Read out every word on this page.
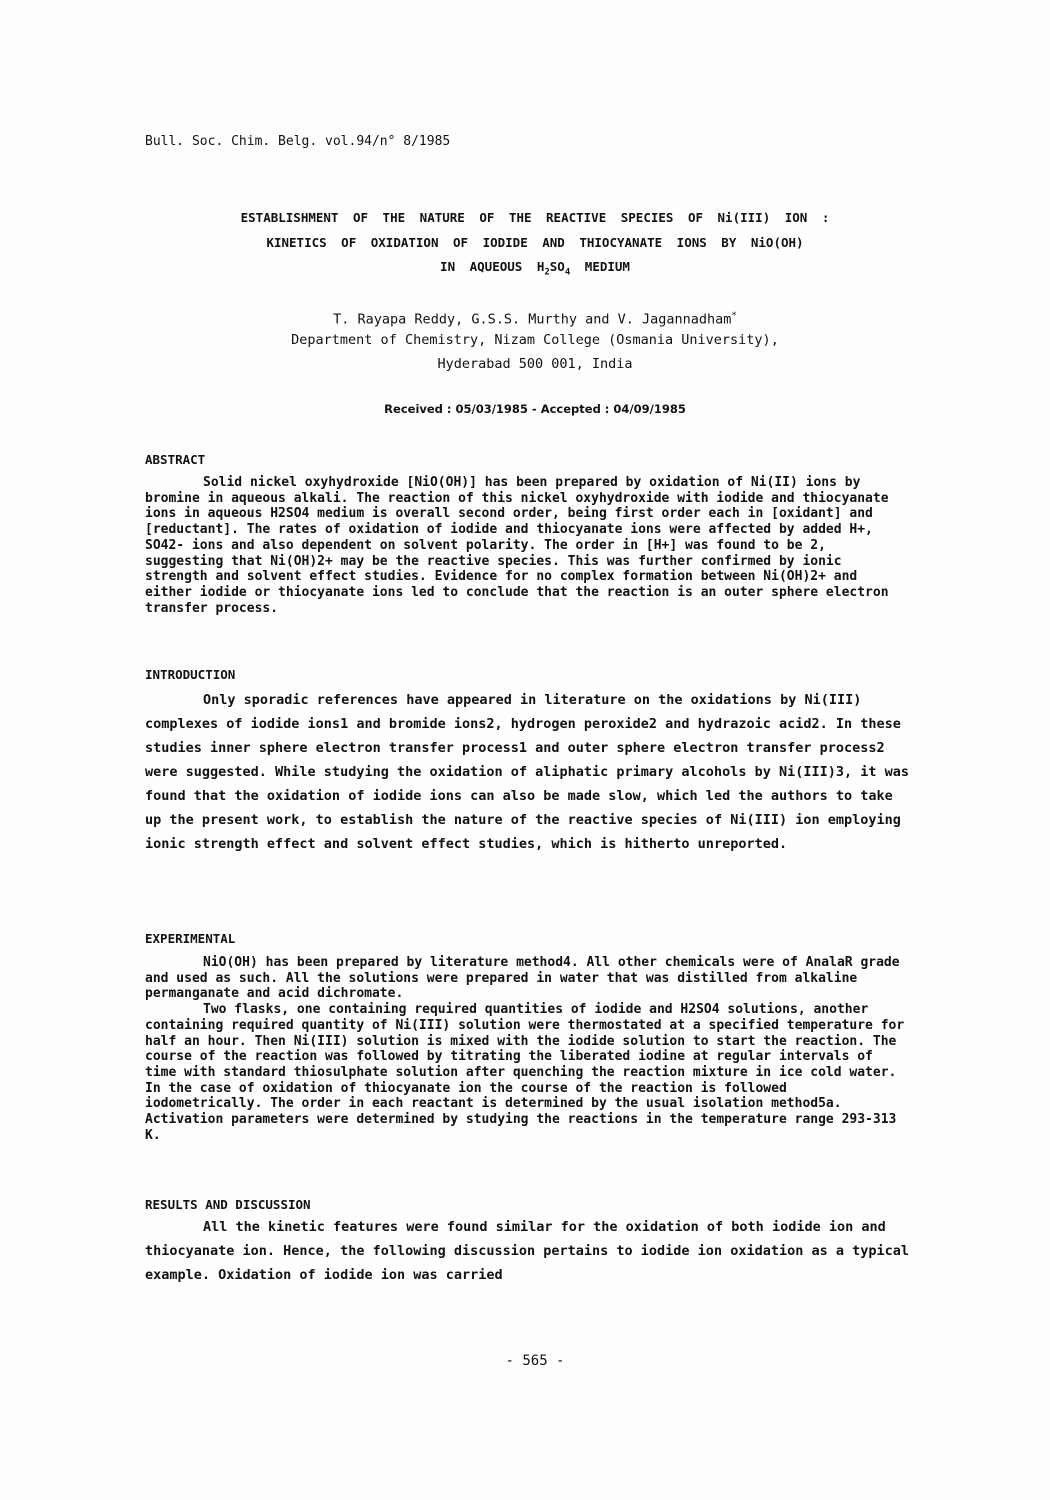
Bull. Soc. Chim. Belg. vol.94/n° 8/1985
ESTABLISHMENT OF THE NATURE OF THE REACTIVE SPECIES OF Ni(III) ION :
KINETICS OF OXIDATION OF IODIDE AND THIOCYANATE IONS BY NiO(OH)
IN AQUEOUS $H_2SO_4$ MEDIUM
T. Rayapa Reddy, G.S.S. Murthy and V. Jagannadham*
Department of Chemistry, Nizam College (Osmania University),
Hyderabad 500 001, India
Received : 05/03/1985 - Accepted : 04/09/1985
ABSTRACT

Solid nickel oxyhydroxide [NiO(OH)] has been prepared by oxidation of Ni(II) ions by bromine in aqueous alkali. The reaction of this nickel oxyhydroxide with iodide and thiocyanate ions in aqueous H2SO4 medium is overall second order, being first order each in [oxidant] and [reductant]. The rates of oxidation of iodide and thiocyanate ions were affected by added H+, SO42- ions and also dependent on solvent polarity. The order in [H+] was found to be 2, suggesting that Ni(OH)2+ may be the reactive species. This was further confirmed by ionic strength and solvent effect studies. Evidence for no complex formation between Ni(OH)2+ and either iodide or thiocyanate ions led to conclude that the reaction is an outer sphere electron transfer process.

INTRODUCTION

Only sporadic references have appeared in literature on the oxidations by Ni(III) complexes of iodide ions1 and bromide ions2, hydrogen peroxide2 and hydrazoic acid2. In these studies inner sphere electron transfer process1 and outer sphere electron transfer process2 were suggested. While studying the oxidation of aliphatic primary alcohols by Ni(III)3, it was found that the oxidation of iodide ions can also be made slow, which led the authors to take up the present work, to establish the nature of the reactive species of Ni(III) ion employing ionic strength effect and solvent effect studies, which is hitherto unreported.

EXPERIMENTAL

NiO(OH) has been prepared by literature method4. All other chemicals were of AnalaR grade and used as such. All the solutions were prepared in water that was distilled from alkaline permanganate and acid dichromate.

Two flasks, one containing required quantities of iodide and H2SO4 solutions, another containing required quantity of Ni(III) solution were thermostated at a specified temperature for half an hour. Then Ni(III) solution is mixed with the iodide solution to start the reaction. The course of the reaction was followed by titrating the liberated iodine at regular intervals of time with standard thiosulphate solution after quenching the reaction mixture in ice cold water. In the case of oxidation of thiocyanate ion the course of the reaction is followed iodometrically. The order in each reactant is determined by the usual isolation method5a. Activation parameters were determined by studying the reactions in the temperature range 293-313 K.

RESULTS AND DISCUSSION

All the kinetic features were found similar for the oxidation of both iodide ion and thiocyanate ion. Hence, the following discussion pertains to iodide ion oxidation as a typical example. Oxidation of iodide ion was carried

- 565 -
